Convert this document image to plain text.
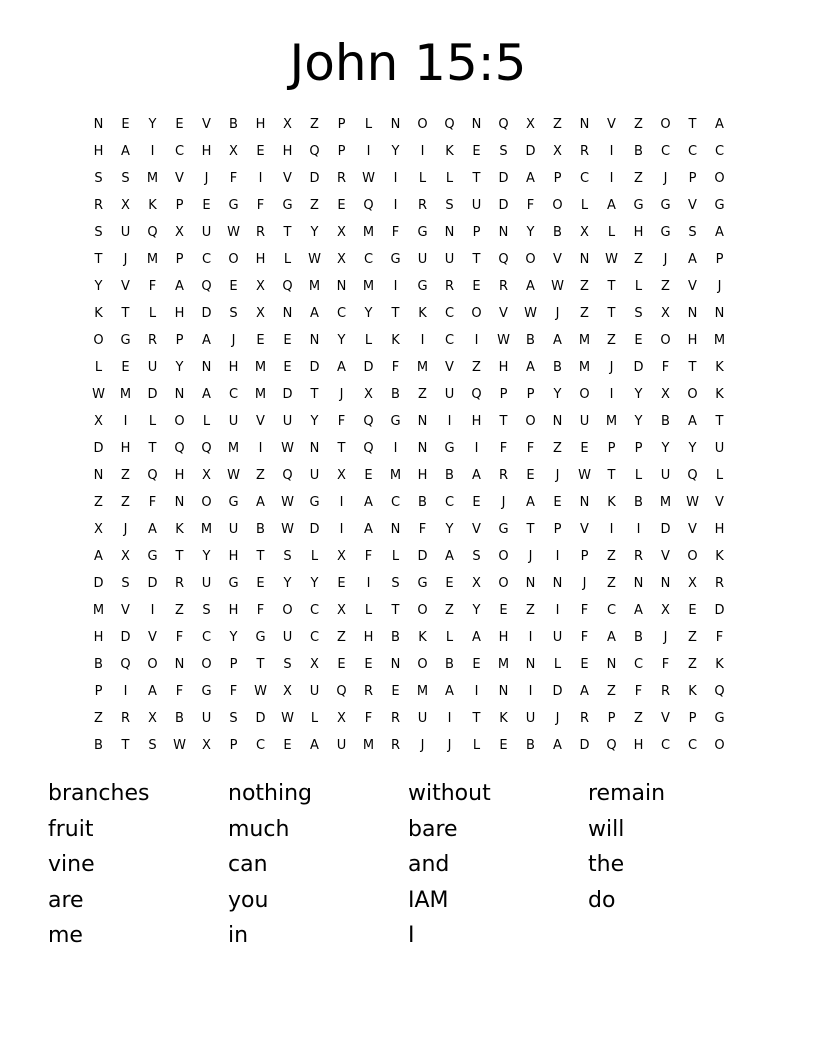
John 15:5
N	E	Y	E	V	B	H	X	Z	P	L	N	O	Q	N	Q	X	Z	N	V	Z	O	T	A
H	A	I	C	H	X	E	H	Q	P	I	Y	I	K	E	S	D	X	R	I	B	C	C	C
S	S	M	V	J	F	I	V	D	R	W	I	L	L	T	D	A	P	C	I	Z	J	P	O
R	X	K	P	E	G	F	G	Z	E	Q	I	R	S	U	D	F	O	L	A	G	G	V	G
S	U	Q	X	U	W	R	T	Y	X	M	F	G	N	P	N	Y	B	X	L	H	G	S	A
T	J	M	P	C	O	H	L	W	X	C	G	U	U	T	Q	O	V	N	W	Z	J	A	P
Y	V	F	A	Q	E	X	Q	M	N	M	I	G	R	E	R	A	W	Z	T	L	Z	V	J
K	T	L	H	D	S	X	N	A	C	Y	T	K	C	O	V	W	J	Z	T	S	X	N	N
O	G	R	P	A	J	E	E	N	Y	L	K	I	C	I	W	B	A	M	Z	E	O	H	M
L	E	U	Y	N	H	M	E	D	A	D	F	M	V	Z	H	A	B	M	J	D	F	T	K
W	M	D	N	A	C	M	D	T	J	X	B	Z	U	Q	P	P	Y	O	I	Y	X	O	K
X	I	L	O	L	U	V	U	Y	F	Q	G	N	I	H	T	O	N	U	M	Y	B	A	T
D	H	T	Q	Q	M	I	W	N	T	Q	I	N	G	I	F	F	Z	E	P	P	Y	Y	U
N	Z	Q	H	X	W	Z	Q	U	X	E	M	H	B	A	R	E	J	W	T	L	U	Q	L
Z	Z	F	N	O	G	A	W	G	I	A	C	B	C	E	J	A	E	N	K	B	M	W	V
X	J	A	K	M	U	B	W	D	I	A	N	F	Y	V	G	T	P	V	I	I	D	V	H
A	X	G	T	Y	H	T	S	L	X	F	L	D	A	S	O	J	I	P	Z	R	V	O	K
D	S	D	R	U	G	E	Y	Y	E	I	S	G	E	X	O	N	N	J	Z	N	N	X	R
M	V	I	Z	S	H	F	O	C	X	L	T	O	Z	Y	E	Z	I	F	C	A	X	E	D
H	D	V	F	C	Y	G	U	C	Z	H	B	K	L	A	H	I	U	F	A	B	J	Z	F
B	Q	O	N	O	P	T	S	X	E	E	N	O	B	E	M	N	L	E	N	C	F	Z	K
P	I	A	F	G	F	W	X	U	Q	R	E	M	A	I	N	I	D	A	Z	F	R	K	Q
Z	R	X	B	U	S	D	W	L	X	F	R	U	I	T	K	U	J	R	P	Z	V	P	G
B	T	S	W	X	P	C	E	A	U	M	R	J	J	L	E	B	A	D	Q	H	C	C	O
branches
fruit
vine
are
me
nothing
much
can
you
in
without
bare
and
IAM
I
remain
will
the
do
